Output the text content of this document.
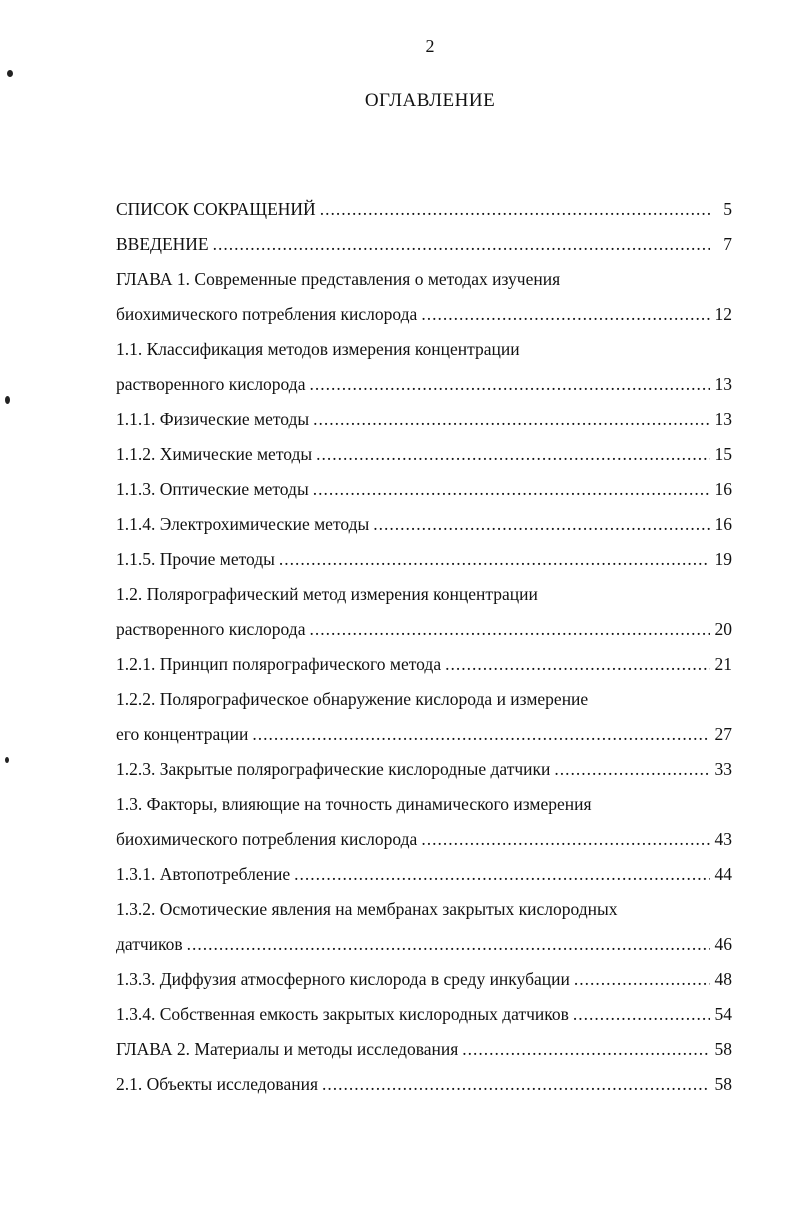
2
ОГЛАВЛЕНИЕ
СПИСОК СОКРАЩЕНИЙ .....	5
ВВЕДЕНИЕ .....	7
ГЛАВА 1. Современные представления о методах изучения
биохимического потребления кислорода .....	12
1.1. Классификация методов измерения концентрации
растворенного кислорода .....	13
1.1.1. Физические методы .....	13
1.1.2. Химические методы .....	15
1.1.3. Оптические методы .....	16
1.1.4. Электрохимические методы .....	16
1.1.5. Прочие методы .....	19
1.2. Полярографический метод измерения концентрации
растворенного кислорода .....	20
1.2.1. Принцип полярографического метода .....	21
1.2.2. Полярографическое обнаружение кислорода и измерение
его концентрации .....	27
1.2.3. Закрытые полярографические кислородные датчики .....	33
1.3. Факторы, влияющие на точность динамического измерения
биохимического потребления кислорода .....	43
1.3.1. Автопотребление .....	44
1.3.2. Осмотические явления на мембранах закрытых кислородных
датчиков .....	46
1.3.3. Диффузия атмосферного кислорода в среду инкубации .....	48
1.3.4. Собственная емкость закрытых кислородных датчиков .....	54
ГЛАВА 2. Материалы и методы исследования .....	58
2.1. Объекты исследования .....	58
